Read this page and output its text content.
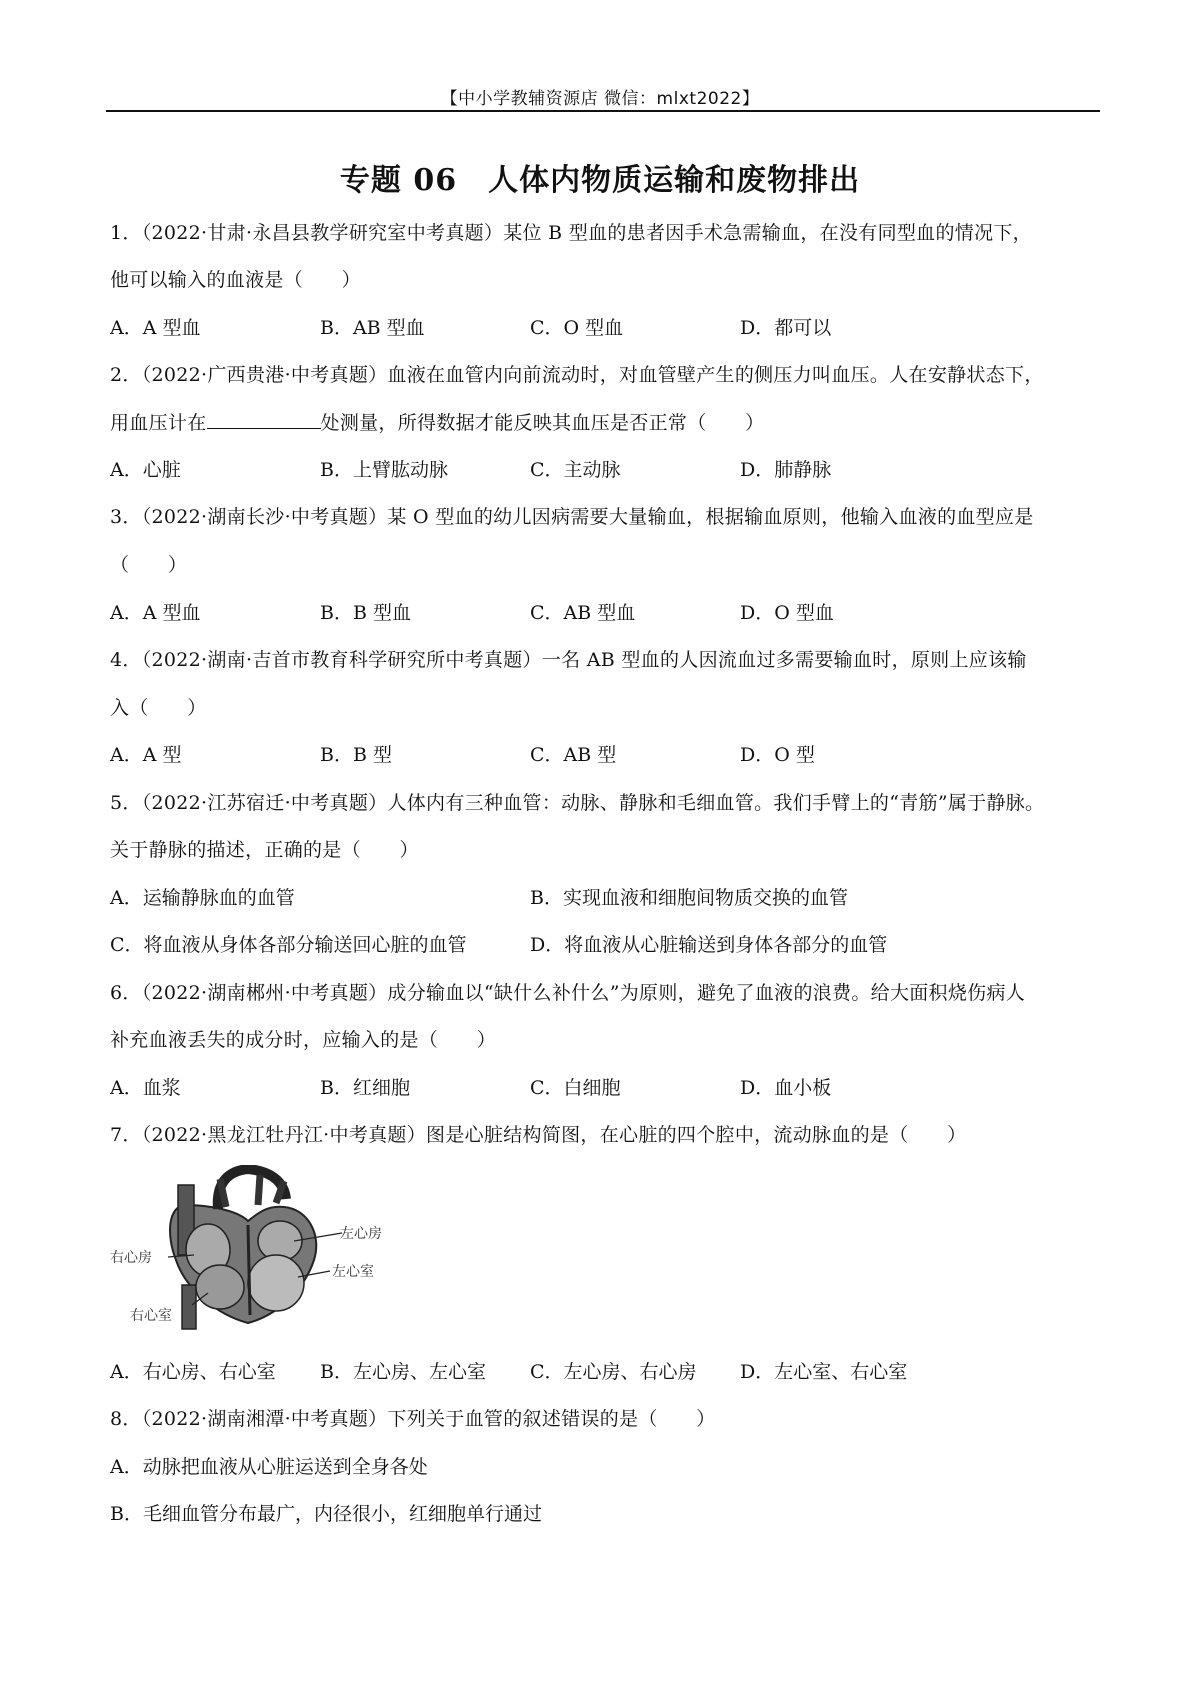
【中小学教辅资源店 微信：mlxt2022】
专题 06　人体内物质运输和废物排出
1．（2022·甘肃·永昌县教学研究室中考真题）某位 B 型血的患者因手术急需输血，在没有同型血的情况下，
他可以输入的血液是（　　）
A．A 型血	B．AB 型血	C．O 型血	D．都可以
2．（2022·广西贵港·中考真题）血液在血管内向前流动时，对血管壁产生的侧压力叫血压。人在安静状态下，
用血压计在	处测量，所得数据才能反映其血压是否正常（　　）
A．心脏	B．上臂肱动脉	C．主动脉	D．肺静脉
3．（2022·湖南长沙·中考真题）某 O 型血的幼儿因病需要大量输血，根据输血原则，他输入血液的血型应是
（　　）
A．A 型血	B．B 型血	C．AB 型血	D．O 型血
4．（2022·湖南·吉首市教育科学研究所中考真题）一名 AB 型血的人因流血过多需要输血时，原则上应该输
入（　　）
A．A 型	B．B 型	C．AB 型	D．O 型
5．（2022·江苏宿迁·中考真题）人体内有三种血管：动脉、静脉和毛细血管。我们手臂上的“青筋”属于静脉。
关于静脉的描述，正确的是（　　）
A．运输静脉血的血管	B．实现血液和细胞间物质交换的血管
C．将血液从身体各部分输送回心脏的血管	D．将血液从心脏输送到身体各部分的血管
6．（2022·湖南郴州·中考真题）成分输血以“缺什么补什么”为原则，避免了血液的浪费。给大面积烧伤病人
补充血液丢失的成分时，应输入的是（　　）
A．血浆	B．红细胞	C．白细胞	D．血小板
7．（2022·黑龙江牡丹江·中考真题）图是心脏结构简图，在心脏的四个腔中，流动脉血的是（　　）
左心房
右心房
左心室
右心室
A．右心房、右心室 B．左心房、左心室 C．左心房、右心房 D．左心室、右心室
8．（2022·湖南湘潭·中考真题）下列关于血管的叙述错误的是（　　）
A．动脉把血液从心脏运送到全身各处
B．毛细血管分布最广，内径很小，红细胞单行通过
